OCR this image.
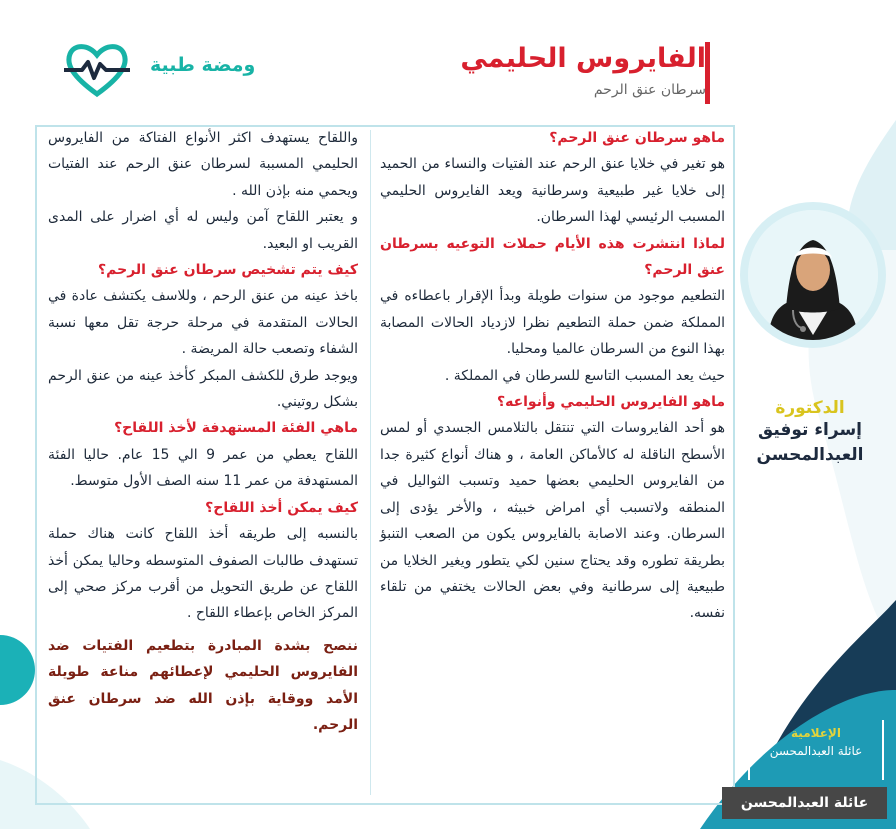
الفايروس الحليمي
سرطان عنق الرحم
ومضة طبية

ماهو سرطان عنق الرحم؟

هو تغير في خلايا عنق الرحم عند الفتيات والنساء من الحميد إلى خلايا غير طبيعية وسرطانية ويعد الفايروس الحليمي المسبب الرئيسي لهذا السرطان.

لماذا انتشرت هذه الأيام حملات التوعيه بسرطان عنق الرحم؟

التطعيم موجود من سنوات طويلة وبدأ الإقرار باعطاءه في المملكة ضمن حملة التطعيم نظرا لازدياد الحالات المصابة بهذا النوع من السرطان عالميا ومحليا.

حيث يعد المسبب التاسع للسرطان في المملكة .

ماهو الفايروس الحليمي وأنواعه؟

هو أحد الفايروسات التي تنتقل بالتلامس الجسدي أو لمس الأسطح الناقلة له كالأماكن العامة ، و هناك أنواع كثيرة جدا من الفايروس الحليمي بعضها حميد وتسبب الثواليل في المنطقه ولاتسبب أي امراض خبيثه ، والأخر يؤدى إلى السرطان. وعند الاصابة بالفايروس يكون من الصعب التنبؤ بطريقة تطوره وقد يحتاج سنين لكي يتطور ويغير الخلايا من طبيعية إلى سرطانية وفي بعض الحالات يختفي من تلقاء نفسه.

واللقاح يستهدف اكثر الأنواع الفتاكة من الفايروس الحليمي المسببة لسرطان عنق الرحم عند الفتيات ويحمي منه بإذن الله .

و يعتبر اللقاح آمن وليس له أي اضرار على المدى القريب او البعيد.

كيف يتم تشخيص سرطان عنق الرحم؟

باخذ عينه من عنق الرحم ، وللاسف يكتشف عادة في الحالات المتقدمة في مرحلة حرجة تقل معها نسبة الشفاء وتصعب حالة المريضة .

ويوجد طرق للكشف المبكر كأخذ عينه من عنق الرحم بشكل روتيني.

ماهي الفئة المستهدفة لأخذ اللقاح؟

اللقاح يعطي من عمر 9 الي 15 عام. حاليا الفئة المستهدفة من عمر 11 سنه الصف الأول متوسط.

كيف يمكن أخذ اللقاح؟

بالنسبه إلى طريقه أخذ اللقاح كانت هناك حملة تستهدف طالبات الصفوف المتوسطه وحاليا يمكن أخذ اللقاح عن طريق التحويل من أقرب مركز صحي إلى المركز الخاص بإعطاء اللقاح .

ننصح بشدة المبادرة بتطعيم الفتيات ضد الفايروس الحليمي لإعطائهم مناعة طويلة الأمد ووقاية بإذن الله ضد سرطان عنق الرحم.

الدكتورة
إسراء توفيق
العبدالمحسن
الإعلامية
عائلة العبدالمحسن
عائلة العبدالمحسن
